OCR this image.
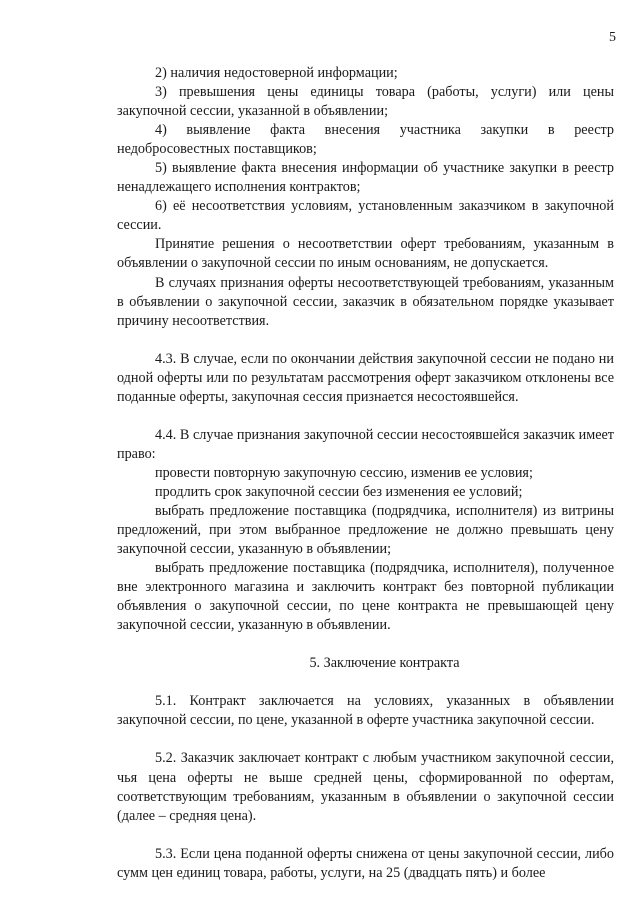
5

2) наличия недостоверной информации;

3) превышения цены единицы товара (работы, услуги) или цены закупочной сессии, указанной в объявлении;

4) выявление факта внесения участника закупки в реестр недобросовестных поставщиков;

5) выявление факта внесения информации об участнике закупки в реестр ненадлежащего исполнения контрактов;

6) её несоответствия условиям, установленным заказчиком в закупочной сессии.

Принятие решения о несоответствии оферт требованиям, указанным в объявлении о закупочной сессии по иным основаниям, не допускается.

В случаях признания оферты несоответствующей требованиям, указанным в объявлении о закупочной сессии, заказчик в обязательном порядке указывает причину несоответствия.

4.3. В случае, если по окончании действия закупочной сессии не подано ни одной оферты или по результатам рассмотрения оферт заказчиком отклонены все поданные оферты, закупочная сессия признается несостоявшейся.

4.4. В случае признания закупочной сессии несостоявшейся заказчик имеет право:

провести повторную закупочную сессию, изменив ее условия;

продлить срок закупочной сессии без изменения ее условий;

выбрать предложение поставщика (подрядчика, исполнителя) из витрины предложений, при этом выбранное предложение не должно превышать цену закупочной сессии, указанную в объявлении;

выбрать предложение поставщика (подрядчика, исполнителя), полученное вне электронного магазина и заключить контракт без повторной публикации объявления о закупочной сессии, по цене контракта не превышающей цену закупочной сессии, указанную в объявлении.

5. Заключение контракта

5.1. Контракт заключается на условиях, указанных в объявлении закупочной сессии, по цене, указанной в оферте участника закупочной сессии.

5.2. Заказчик заключает контракт с любым участником закупочной сессии, чья цена оферты не выше средней цены, сформированной по офертам, соответствующим требованиям, указанным в объявлении о закупочной сессии (далее – средняя цена).

5.3. Если цена поданной оферты снижена от цены закупочной сессии, либо сумм цен единиц товара, работы, услуги, на 25 (двадцать пять) и более
